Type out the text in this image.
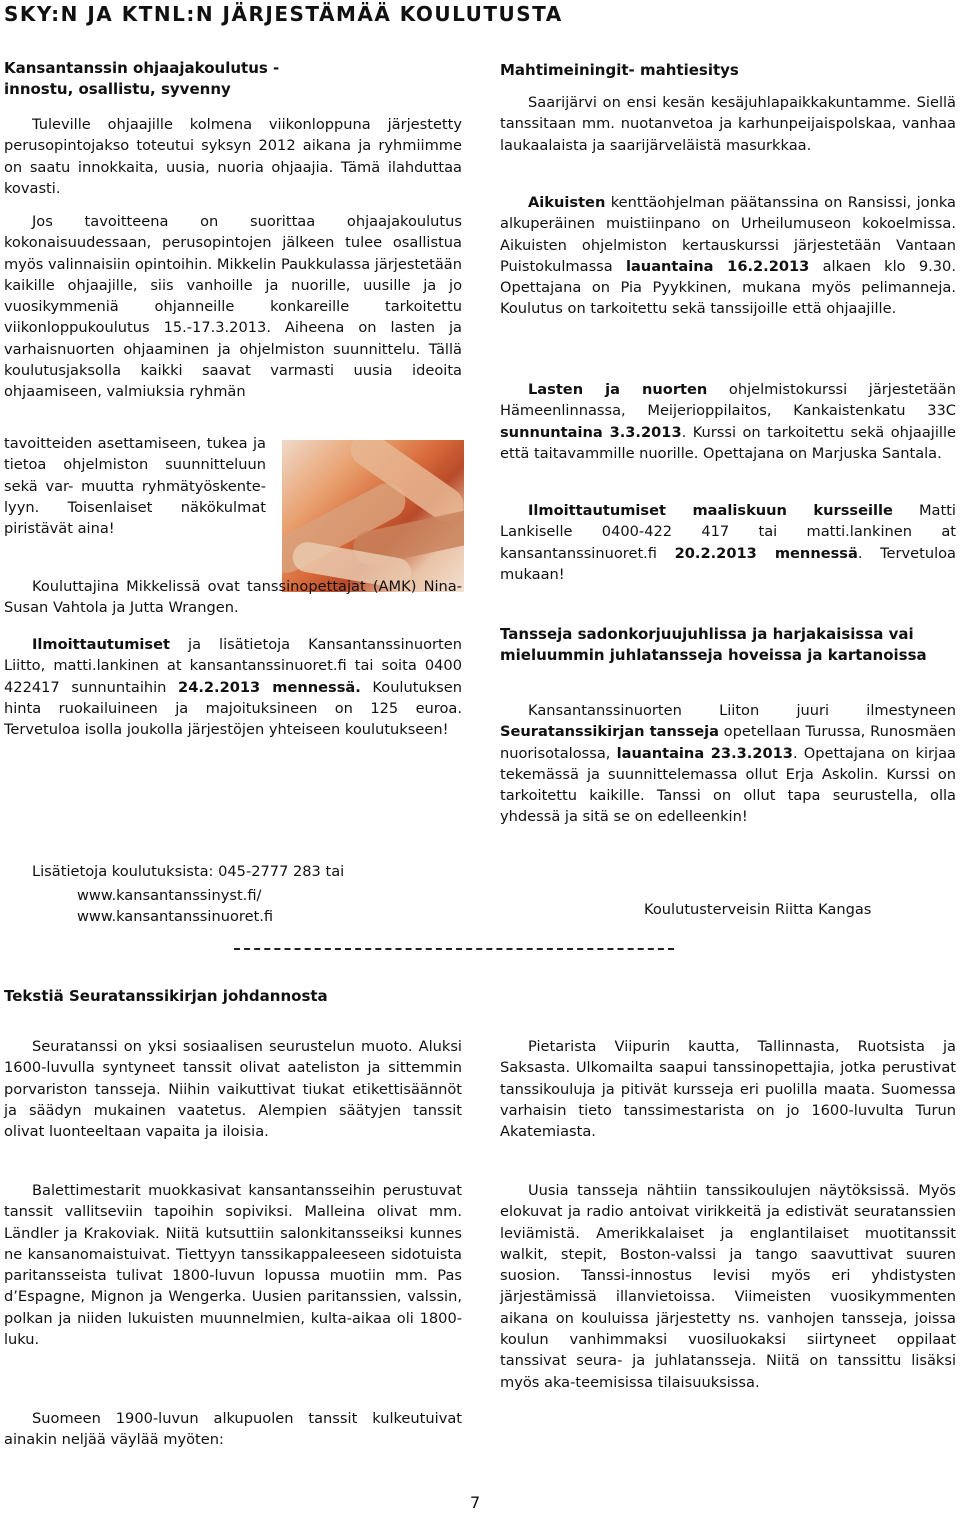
SKY:N JA KTNL:N JÄRJESTÄMÄÄ KOULUTUSTA

Kansantanssin ohjaajakoulutus -

innostu, osallistu, syvenny

Tuleville ohjaajille kolmena viikonloppuna järjestetty perusopintojakso toteutui syksyn 2012 aikana ja ryhmiimme on saatu innokkaita, uusia, nuoria ohjaajia. Tämä ilahduttaa kovasti.

Jos tavoitteena on suorittaa ohjaajakoulutus kokonaisuudessaan, perusopintojen jälkeen tulee osallistua myös valinnaisiin opintoihin. Mikkelin Paukkulassa järjestetään kaikille ohjaajille, siis vanhoille ja nuorille, uusille ja jo vuosikymmeniä ohjanneille konkareille tarkoitettu viikonloppukoulutus 15.-17.3.2013. Aiheena on lasten ja varhaisnuorten ohjaaminen ja ohjelmiston suunnittelu. Tällä koulutusjaksolla kaikki saavat varmasti uusia ideoita ohjaamiseen, valmiuksia ryhmän

tavoitteiden asettamiseen, tukea ja tietoa ohjelmiston suunnitteluun sekä var- muutta ryhmätyöskente- lyyn. Toisenlaiset näkökulmat piristävät aina!

Kouluttajina Mikkelissä ovat tanssinopettajat (AMK) Nina-Susan Vahtola ja Jutta Wrangen.

Ilmoittautumiset ja lisätietoja Kansantanssinuorten Liitto, matti.lankinen at kansantanssinuoret.fi tai soita 0400 422417 sunnuntaihin 24.2.2013 mennessä. Koulutuksen hinta ruokailuineen ja majoituksineen on 125 euroa. Tervetuloa isolla joukolla järjestöjen yhteiseen koulutukseen!

Lisätietoja koulutuksista: 045-2777 283 tai

www.kansantanssinyst.fi/

www.kansantanssinuoret.fi

Mahtimeiningit- mahtiesitys

Saarijärvi on ensi kesän kesäjuhlapaikkakuntamme. Siellä tanssitaan mm. nuotanvetoa ja karhunpeijaispolskaa, vanhaa laukaalaista ja saarijärveläistä masurkkaa.

Aikuisten kenttäohjelman päätanssina on Ransissi, jonka alkuperäinen muistiinpano on Urheilumuseon kokoelmissa. Aikuisten ohjelmiston kertauskurssi järjestetään Vantaan Puistokulmassa lauantaina 16.2.2013 alkaen klo 9.30. Opettajana on Pia Pyykkinen, mukana myös pelimanneja. Koulutus on tarkoitettu sekä tanssijoille että ohjaajille.

Lasten ja nuorten ohjelmistokurssi järjestetään Hämeenlinnassa, Meijerioppilaitos, Kankaistenkatu 33C sunnuntaina 3.3.2013. Kurssi on tarkoitettu sekä ohjaajille että taitavammille nuorille. Opettajana on Marjuska Santala.

Ilmoittautumiset maaliskuun kursseille Matti Lankiselle 0400-422 417 tai matti.lankinen at kansantanssinuoret.fi 20.2.2013 mennessä. Tervetuloa mukaan!

Tansseja sadonkorjuujuhlissa ja harjakaisissa vai mieluummin juhlatansseja hoveissa ja kartanoissa

Kansantanssinuorten Liiton juuri ilmestyneen Seuratanssikirjan tansseja opetellaan Turussa, Runosmäen nuorisotalossa, lauantaina 23.3.2013. Opettajana on kirjaa tekemässä ja suunnittelemassa ollut Erja Askolin. Kurssi on tarkoitettu kaikille. Tanssi on ollut tapa seurustella, olla yhdessä ja sitä se on edelleenkin!

Koulutusterveisin Riitta Kangas

Tekstiä Seuratanssikirjan johdannosta

Seuratanssi on yksi sosiaalisen seurustelun muoto. Aluksi 1600-luvulla syntyneet tanssit olivat aateliston ja sittemmin porvariston tansseja. Niihin vaikuttivat tiukat etikettisäännöt ja säädyn mukainen vaatetus. Alempien säätyjen tanssit olivat luonteeltaan vapaita ja iloisia.

Balettimestarit muokkasivat kansantansseihin perustuvat tanssit vallitseviin tapoihin sopiviksi. Malleina olivat mm. Ländler ja Krakoviak. Niitä kutsuttiin salonkitansseiksi kunnes ne kansanomaistuivat. Tiettyyn tanssikappaleeseen sidotuista paritansseista tulivat 1800-luvun lopussa muotiin mm. Pas d’Espagne, Mignon ja Wengerka. Uusien paritanssien, valssin, polkan ja niiden lukuisten muunnelmien, kulta-aikaa oli 1800-luku.

Suomeen 1900-luvun alkupuolen tanssit kulkeutuivat ainakin neljää väylää myöten:

Pietarista Viipurin kautta, Tallinnasta, Ruotsista ja Saksasta. Ulkomailta saapui tanssinopettajia, jotka perustivat tanssikouluja ja pitivät kursseja eri puolilla maata. Suomessa varhaisin tieto tanssimestarista on jo 1600-luvulta Turun Akatemiasta.

Uusia tansseja nähtiin tanssikoulujen näytöksissä. Myös elokuvat ja radio antoivat virikkeitä ja edistivät seuratanssien leviämistä. Amerikkalaiset ja englantilaiset muotitanssit walkit, stepit, Boston-valssi ja tango saavuttivat suuren suosion. Tanssi-innostus levisi myös eri yhdistysten järjestämissä illanvietoissa. Viimeisten vuosikymmenten aikana on kouluissa järjestetty ns. vanhojen tansseja, joissa koulun vanhimmaksi vuosiluokaksi siirtyneet oppilaat tanssivat seura- ja juhlatansseja. Niitä on tanssittu lisäksi myös aka-teemisissa tilaisuuksissa.

7
